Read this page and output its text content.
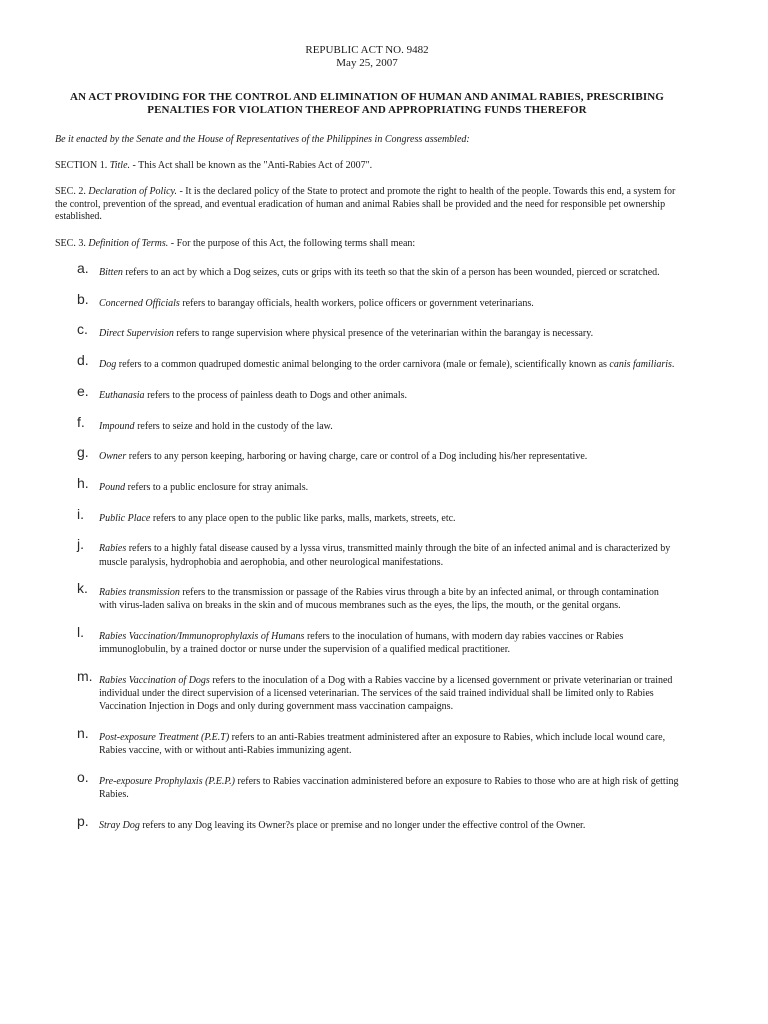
REPUBLIC ACT NO. 9482
May 25, 2007
AN ACT PROVIDING FOR THE CONTROL AND ELIMINATION OF HUMAN AND ANIMAL RABIES, PRESCRIBING PENALTIES FOR VIOLATION THEREOF AND APPROPRIATING FUNDS THEREFOR
Be it enacted by the Senate and the House of Representatives of the Philippines in Congress assembled:
SECTION 1. Title. - This Act shall be known as the "Anti-Rabies Act of 2007".
SEC. 2. Declaration of Policy. - It is the declared policy of the State to protect and promote the right to health of the people. Towards this end, a system for the control, prevention of the spread, and eventual eradication of human and animal Rabies shall be provided and the need for responsible pet ownership established.
SEC. 3. Definition of Terms. - For the purpose of this Act, the following terms shall mean:
a. Bitten refers to an act by which a Dog seizes, cuts or grips with its teeth so that the skin of a person has been wounded, pierced or scratched.
b. Concerned Officials refers to barangay officials, health workers, police officers or government veterinarians.
c. Direct Supervision refers to range supervision where physical presence of the veterinarian within the barangay is necessary.
d. Dog refers to a common quadruped domestic animal belonging to the order carnivora (male or female), scientifically known as canis familiaris.
e. Euthanasia refers to the process of painless death to Dogs and other animals.
f. Impound refers to seize and hold in the custody of the law.
g. Owner refers to any person keeping, harboring or having charge, care or control of a Dog including his/her representative.
h. Pound refers to a public enclosure for stray animals.
i. Public Place refers to any place open to the public like parks, malls, markets, streets, etc.
j. Rabies refers to a highly fatal disease caused by a lyssa virus, transmitted mainly through the bite of an infected animal and is characterized by muscle paralysis, hydrophobia and aerophobia, and other neurological manifestations.
k. Rabies transmission refers to the transmission or passage of the Rabies virus through a bite by an infected animal, or through contamination with virus-laden saliva on breaks in the skin and of mucous membranes such as the eyes, the lips, the mouth, or the genital organs.
l. Rabies Vaccination/Immunoprophylaxis of Humans refers to the inoculation of humans, with modern day rabies vaccines or Rabies immunoglobulin, by a trained doctor or nurse under the supervision of a qualified medical practitioner.
m. Rabies Vaccination of Dogs refers to the inoculation of a Dog with a Rabies vaccine by a licensed government or private veterinarian or trained individual under the direct supervision of a licensed veterinarian. The services of the said trained individual shall be limited only to Rabies Vaccination Injection in Dogs and only during government mass vaccination campaigns.
n. Post-exposure Treatment (P.E.T) refers to an anti-Rabies treatment administered after an exposure to Rabies, which include local wound care, Rabies vaccine, with or without anti-Rabies immunizing agent.
o. Pre-exposure Prophylaxis (P.E.P.) refers to Rabies vaccination administered before an exposure to Rabies to those who are at high risk of getting Rabies.
p. Stray Dog refers to any Dog leaving its Owner?s place or premise and no longer under the effective control of the Owner.
